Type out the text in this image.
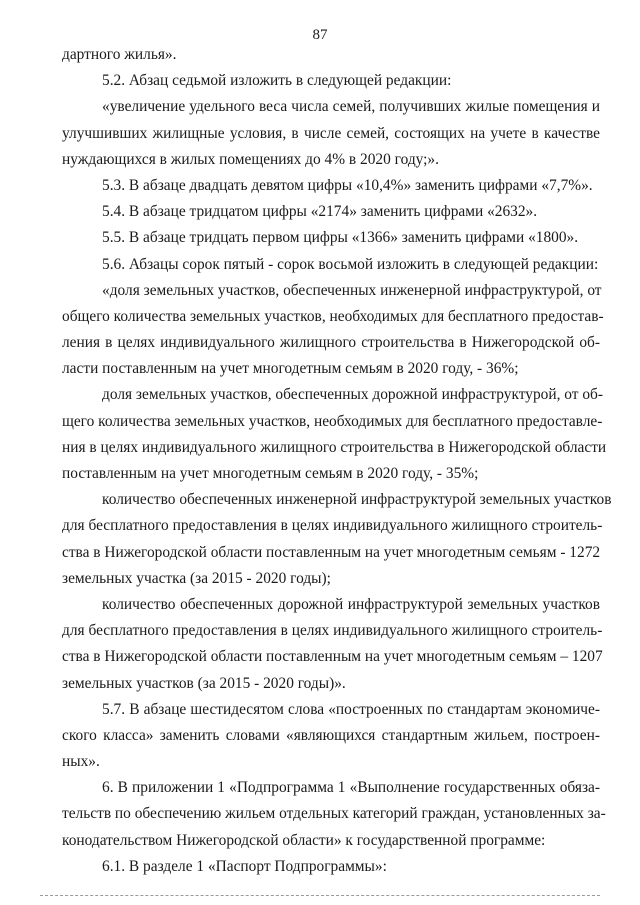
87
дартного жилья».
5.2. Абзац седьмой изложить в следующей редакции:
«увеличение удельного веса числа семей, получивших жилые помещения и
улучшивших жилищные условия, в числе семей, состоящих на учете в качестве
нуждающихся в жилых помещениях до 4% в 2020 году;».
5.3. В абзаце двадцать девятом цифры «10,4%» заменить цифрами «7,7%».
5.4. В абзаце тридцатом цифры «2174» заменить цифрами «2632».
5.5. В абзаце тридцать первом цифры «1366» заменить цифрами «1800».
5.6. Абзацы сорок пятый - сорок восьмой изложить в следующей редакции:
«доля земельных участков, обеспеченных инженерной инфраструктурой, от
общего количества земельных участков, необходимых для бесплатного предостав-
ления в целях индивидуального жилищного строительства в Нижегородской об-
ласти поставленным на учет многодетным семьям в 2020 году, - 36%;
доля земельных участков, обеспеченных дорожной инфраструктурой, от об-
щего количества земельных участков, необходимых для бесплатного предоставле-
ния в целях индивидуального жилищного строительства в Нижегородской области
поставленным на учет многодетным семьям в 2020 году, - 35%;
количество обеспеченных инженерной инфраструктурой земельных участков
для бесплатного предоставления в целях индивидуального жилищного строитель-
ства в Нижегородской области поставленным на учет многодетным семьям - 1272
земельных участка (за 2015 - 2020 годы);
количество обеспеченных дорожной инфраструктурой земельных участков
для бесплатного предоставления в целях индивидуального жилищного строитель-
ства в Нижегородской области поставленным на учет многодетным семьям – 1207
земельных участков (за 2015 - 2020 годы)».
5.7. В абзаце шестидесятом слова «построенных по стандартам экономиче-
ского класса» заменить словами «являющихся стандартным жильем, построен-
ных».
6. В приложении 1 «Подпрограмма 1 «Выполнение государственных обяза-
тельств по обеспечению жильем отдельных категорий граждан, установленных за-
конодательством Нижегородской области» к государственной программе:
6.1. В разделе 1 «Паспорт Подпрограммы»:
